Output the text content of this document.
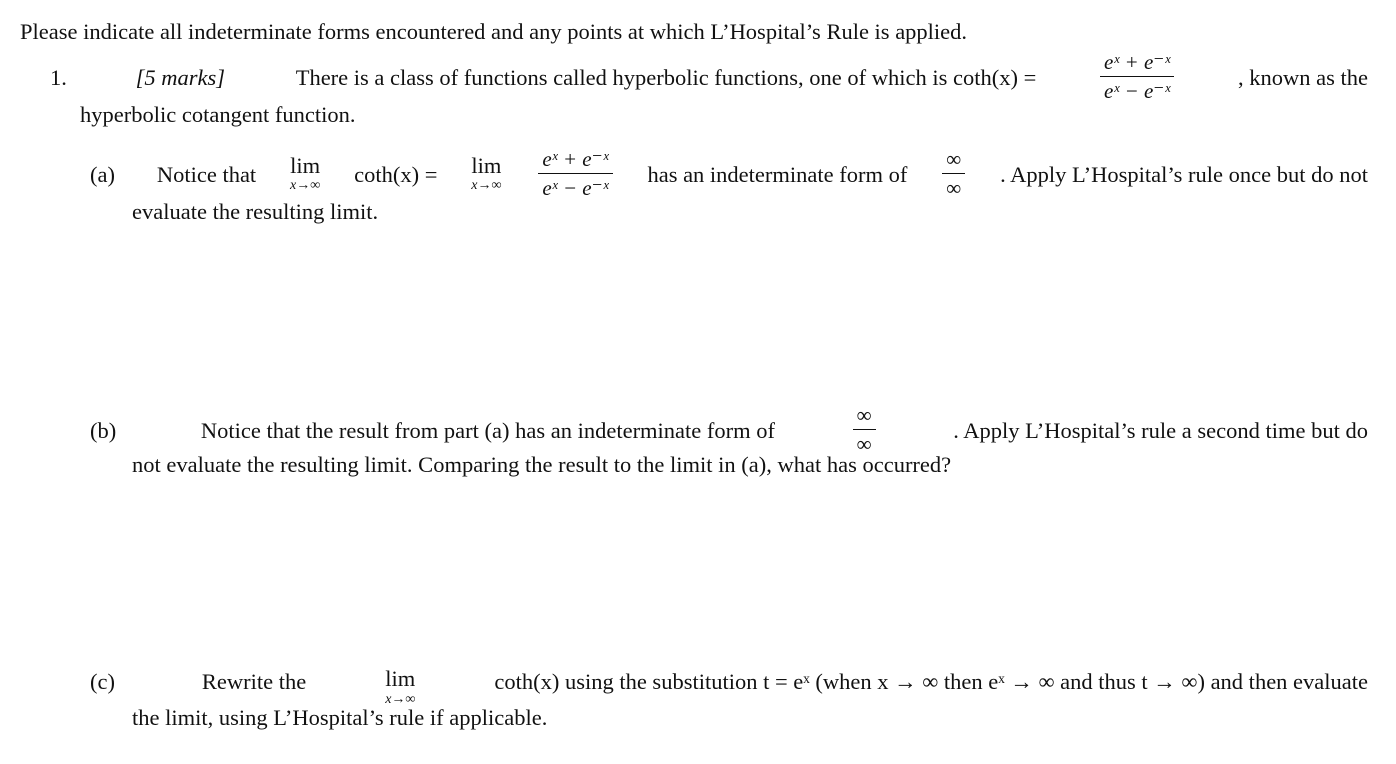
Please indicate all indeterminate forms encountered and any points at which L’Hospital’s Rule is applied.
1.	[5 marks]	There is a class of functions called hyperbolic functions, one of which is coth(x) =	$\frac{\text{eˣ + e⁻ˣ}}{\text{eˣ − e⁻ˣ}}$	, known as the
hyperbolic cotangent function.
(a) Notice that lim
x→∞ coth(x) = lim
$x\to\infty \frac{\text{eˣ + e⁻ˣ}}{\text{eˣ − e⁻ˣ}}$ has an indeterminate form of $\frac{\infty}{\infty}$ . Apply L’Hospital’s rule once but do not
evaluate the resulting limit.
(b)	Notice that the result from part (a) has an indeterminate form of	$\frac{\infty}{\infty}$	. Apply L’Hospital’s rule a second time but do
not evaluate the resulting limit. Comparing the result to the limit in (a), what has occurred?
(c)	Rewrite the	lim
x→∞
coth(x) using the substitution t = eˣ (when x → ∞ then eˣ → ∞ and thus t → ∞) and then evaluate
the limit, using L’Hospital’s rule if applicable.
